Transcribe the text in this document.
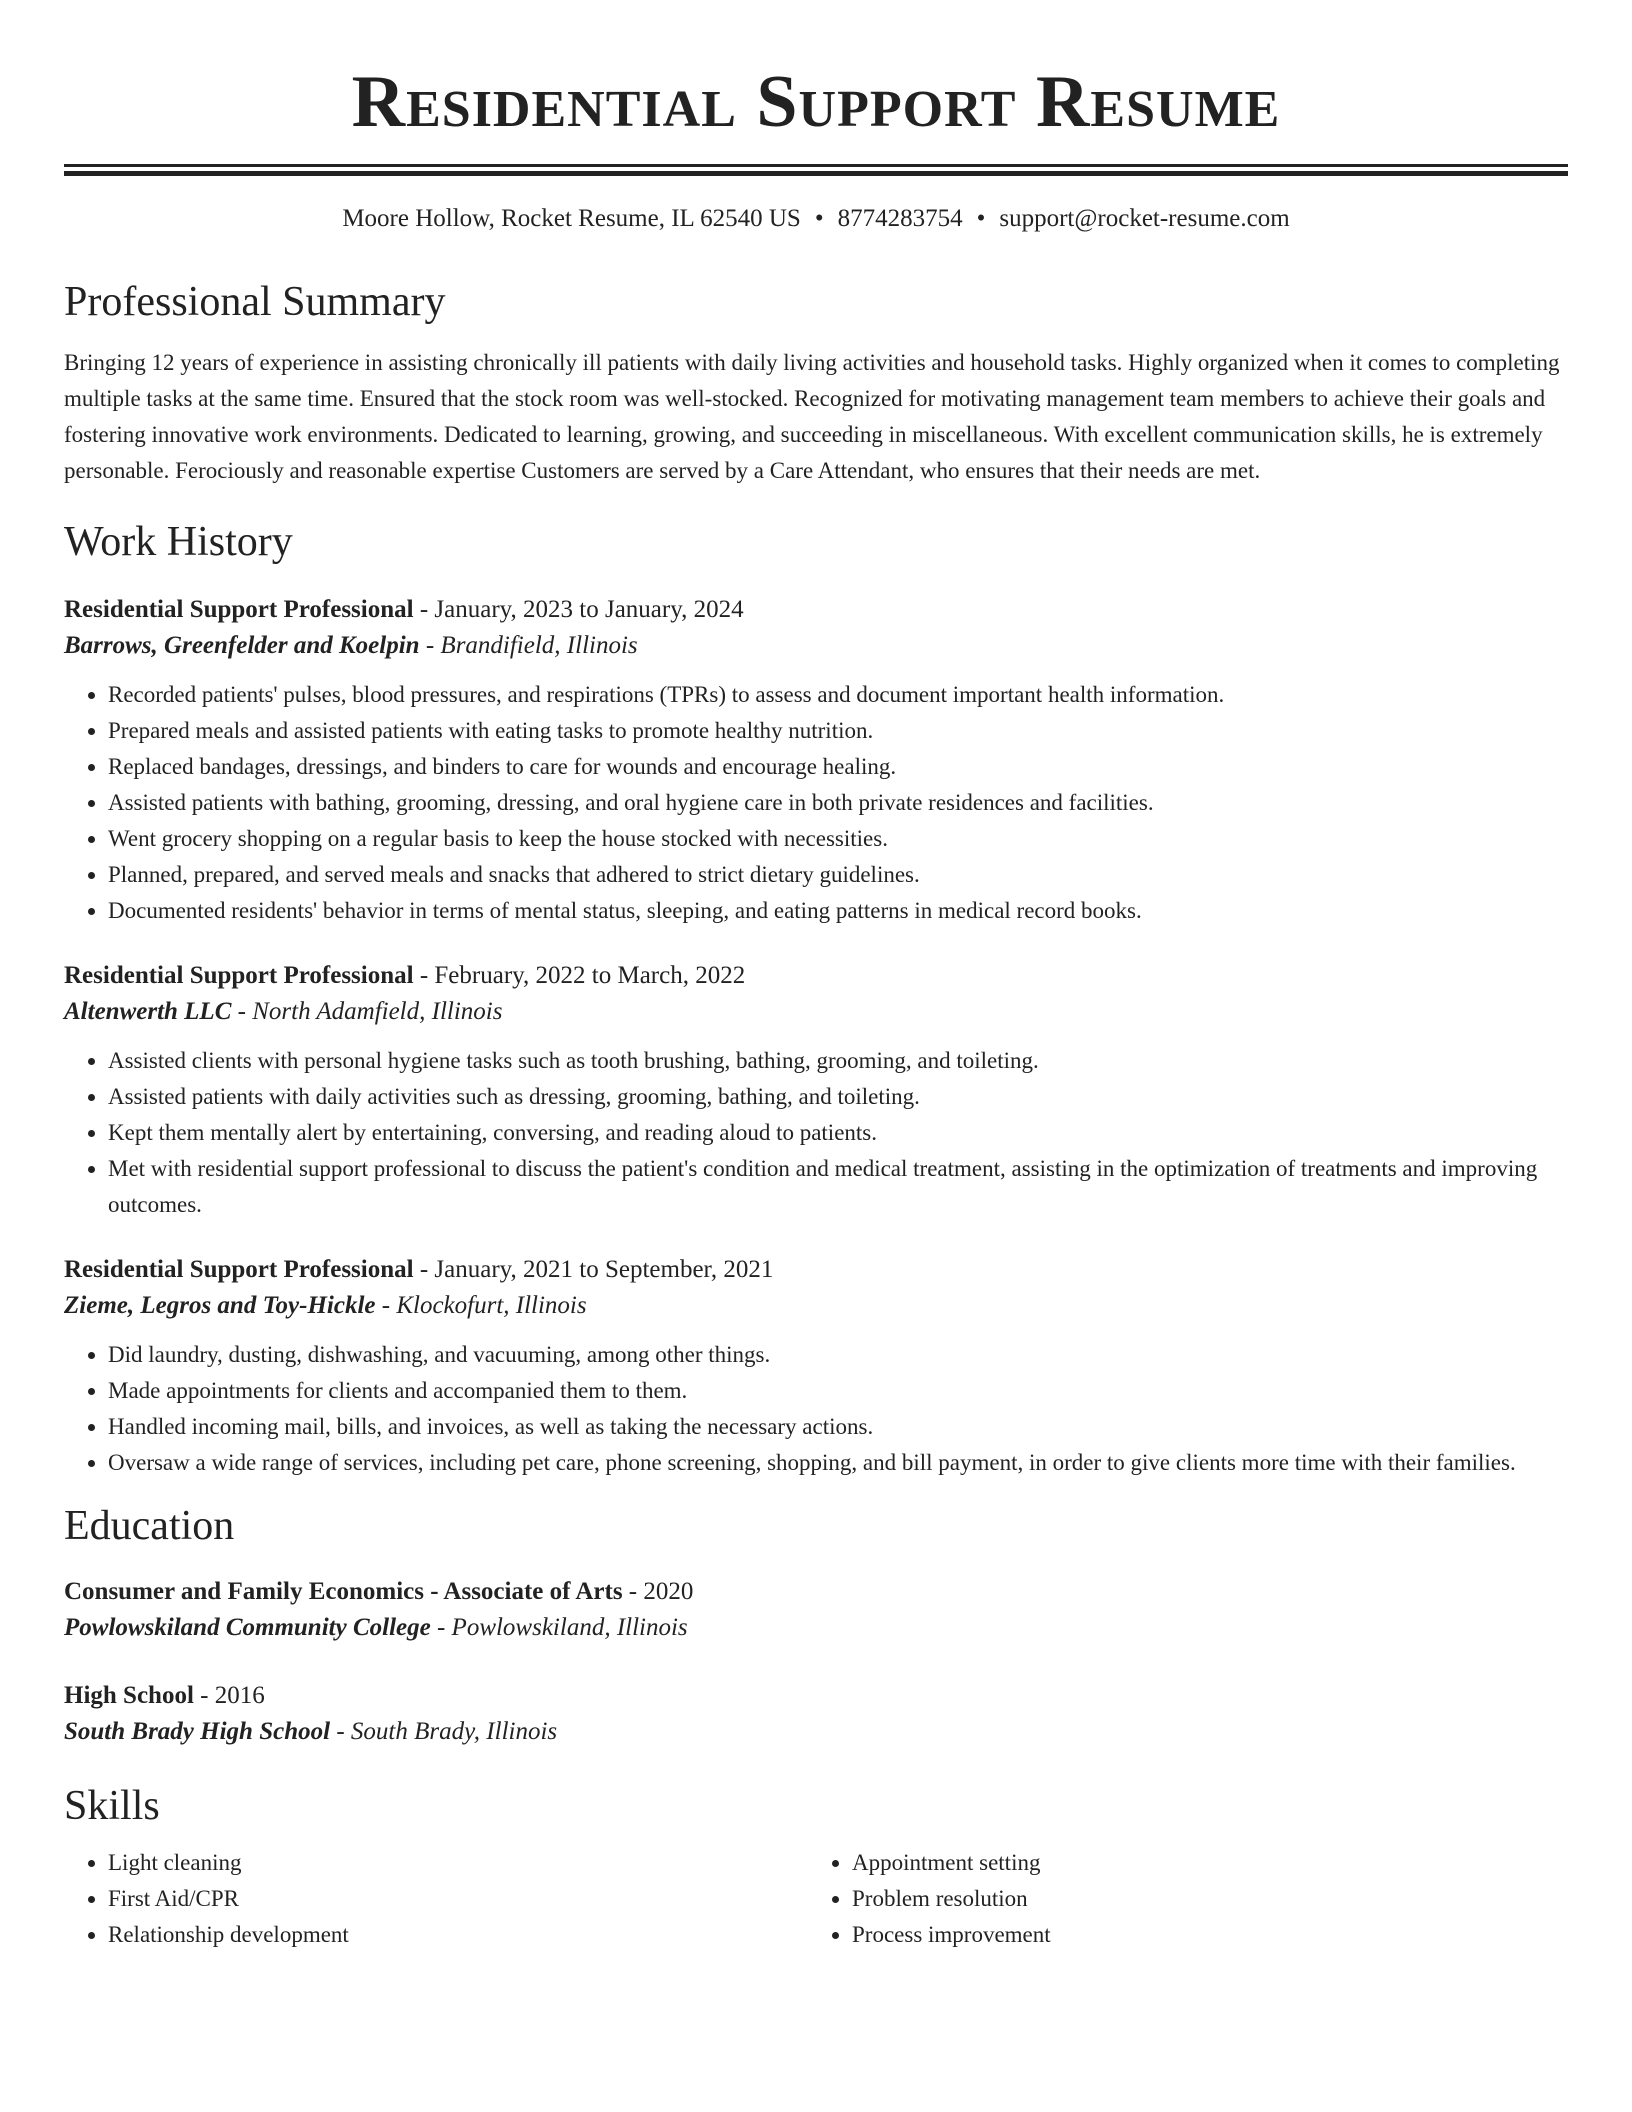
Residential Support Resume
Moore Hollow, Rocket Resume, IL 62540 US • 8774283754 • support@rocket-resume.com
Professional Summary
Bringing 12 years of experience in assisting chronically ill patients with daily living activities and household tasks. Highly organized when it comes to completing multiple tasks at the same time. Ensured that the stock room was well-stocked. Recognized for motivating management team members to achieve their goals and fostering innovative work environments. Dedicated to learning, growing, and succeeding in miscellaneous. With excellent communication skills, he is extremely personable. Ferociously and reasonable expertise Customers are served by a Care Attendant, who ensures that their needs are met.
Work History
Residential Support Professional - January, 2023 to January, 2024
Barrows, Greenfelder and Koelpin - Brandifield, Illinois
• Recorded patients' pulses, blood pressures, and respirations (TPRs) to assess and document important health information.
• Prepared meals and assisted patients with eating tasks to promote healthy nutrition.
• Replaced bandages, dressings, and binders to care for wounds and encourage healing.
• Assisted patients with bathing, grooming, dressing, and oral hygiene care in both private residences and facilities.
• Went grocery shopping on a regular basis to keep the house stocked with necessities.
• Planned, prepared, and served meals and snacks that adhered to strict dietary guidelines.
• Documented residents' behavior in terms of mental status, sleeping, and eating patterns in medical record books.
Residential Support Professional - February, 2022 to March, 2022
Altenwerth LLC - North Adamfield, Illinois
• Assisted clients with personal hygiene tasks such as tooth brushing, bathing, grooming, and toileting.
• Assisted patients with daily activities such as dressing, grooming, bathing, and toileting.
• Kept them mentally alert by entertaining, conversing, and reading aloud to patients.
• Met with residential support professional to discuss the patient's condition and medical treatment, assisting in the optimization of treatments and improving outcomes.
Residential Support Professional - January, 2021 to September, 2021
Zieme, Legros and Toy-Hickle - Klockofurt, Illinois
• Did laundry, dusting, dishwashing, and vacuuming, among other things.
• Made appointments for clients and accompanied them to them.
• Handled incoming mail, bills, and invoices, as well as taking the necessary actions.
• Oversaw a wide range of services, including pet care, phone screening, shopping, and bill payment, in order to give clients more time with their families.
Education
Consumer and Family Economics - Associate of Arts - 2020
Powlowskiland Community College - Powlowskiland, Illinois
High School - 2016
South Brady High School - South Brady, Illinois
Skills
• Light cleaning
• First Aid/CPR
• Relationship development
• Appointment setting
• Problem resolution
• Process improvement
